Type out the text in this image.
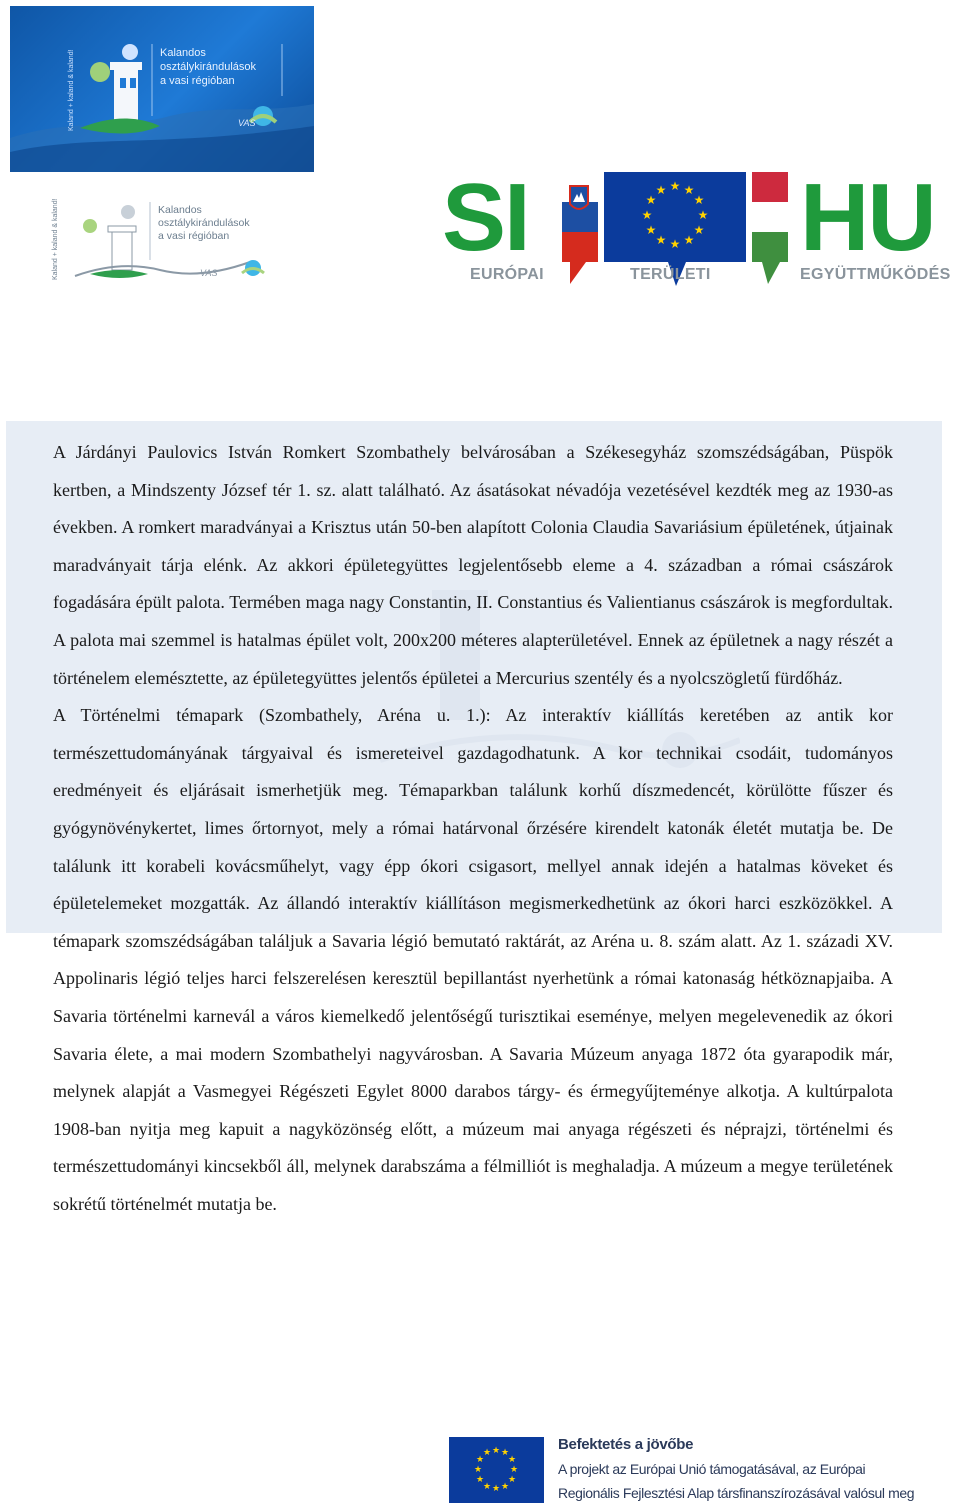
Kalandos
osztálykirándulások
a vasi régióban
Kaland + kaland & kaland!	VAS
Kalandos
osztálykirándulások
a vasi régióban
Kaland + kaland & kaland!	VAS
SI	★ ★
★
★
★
★
★
★
★
★
★
★ HU
EURÓPAI	TERÜLETI	EGYÜTTMŰKÖDÉS

A Járdányi Paulovics István Romkert Szombathely belvárosában a Székesegyház szomszédságában, Püspök kertben, a Mindszenty József tér 1. sz. alatt található. Az ásatásokat névadója vezetésével kezdték meg az 1930-as években. A romkert maradványai a Krisztus után 50-ben alapított Colonia Claudia Savariásium épületének, útjainak maradványait tárja elénk. Az akkori épületegyüttes legjelentősebb eleme a 4. században a római császárok fogadására épült palota. Termében maga nagy Constantin, II. Constantius és Valientianus császárok is megfordultak. A palota mai szemmel is hatalmas épület volt, 200x200 méteres alapterületével. Ennek az épületnek a nagy részét a történelem elemésztette, az épületegyüttes jelentős épületei a Mercurius szentély és a nyolcszögletű fürdőház.

A Történelmi témapark (Szombathely, Aréna u. 1.): Az interaktív kiállítás keretében az antik kor természettudományának tárgyaival és ismereteivel gazdagodhatunk. A kor technikai csodáit, tudományos eredményeit és eljárásait ismerhetjük meg. Témaparkban találunk korhű díszmedencét, körülötte fűszer és gyógynövénykertet, limes őrtornyot, mely a római határvonal őrzésére kirendelt katonák életét mutatja be. De találunk itt korabeli kovácsműhelyt, vagy épp ókori csigasort, mellyel annak idején a hatalmas köveket és épületelemeket mozgatták. Az állandó interaktív kiállításon megismerkedhetünk az ókori harci eszközökkel. A témapark szomszédságában találjuk a Savaria légió bemutató raktárát, az Aréna u. 8. szám alatt. Az 1. századi XV. Appolinaris légió teljes harci felszerelésen keresztül bepillantást nyerhetünk a római katonaság hétköznapjaiba. A Savaria történelmi karnevál a város kiemelkedő jelentőségű turisztikai eseménye, melyen megelevenedik az ókori Savaria élete, a mai modern Szombathelyi nagyvárosban. A Savaria Múzeum anyaga 1872 óta gyarapodik már, melynek alapját a Vasmegyei Régészeti Egylet 8000 darabos tárgy- és érmegyűjteménye alkotja. A kultúrpalota 1908-ban nyitja meg kapuit a nagyközönség előtt, a múzeum mai anyaga régészeti és néprajzi, történelmi és természettudományi kincsekből áll, melynek darabszáma a félmilliót is meghaladja. A múzeum a megye területének sokrétű történelmét mutatja be.

★ ★
★
★
★
★
★
★
★
★
★
★	Befektetés a jövőbe
A projekt az Európai Unió támogatásával, az Európai
Regionális Fejlesztési Alap társfinanszírozásával valósul meg
